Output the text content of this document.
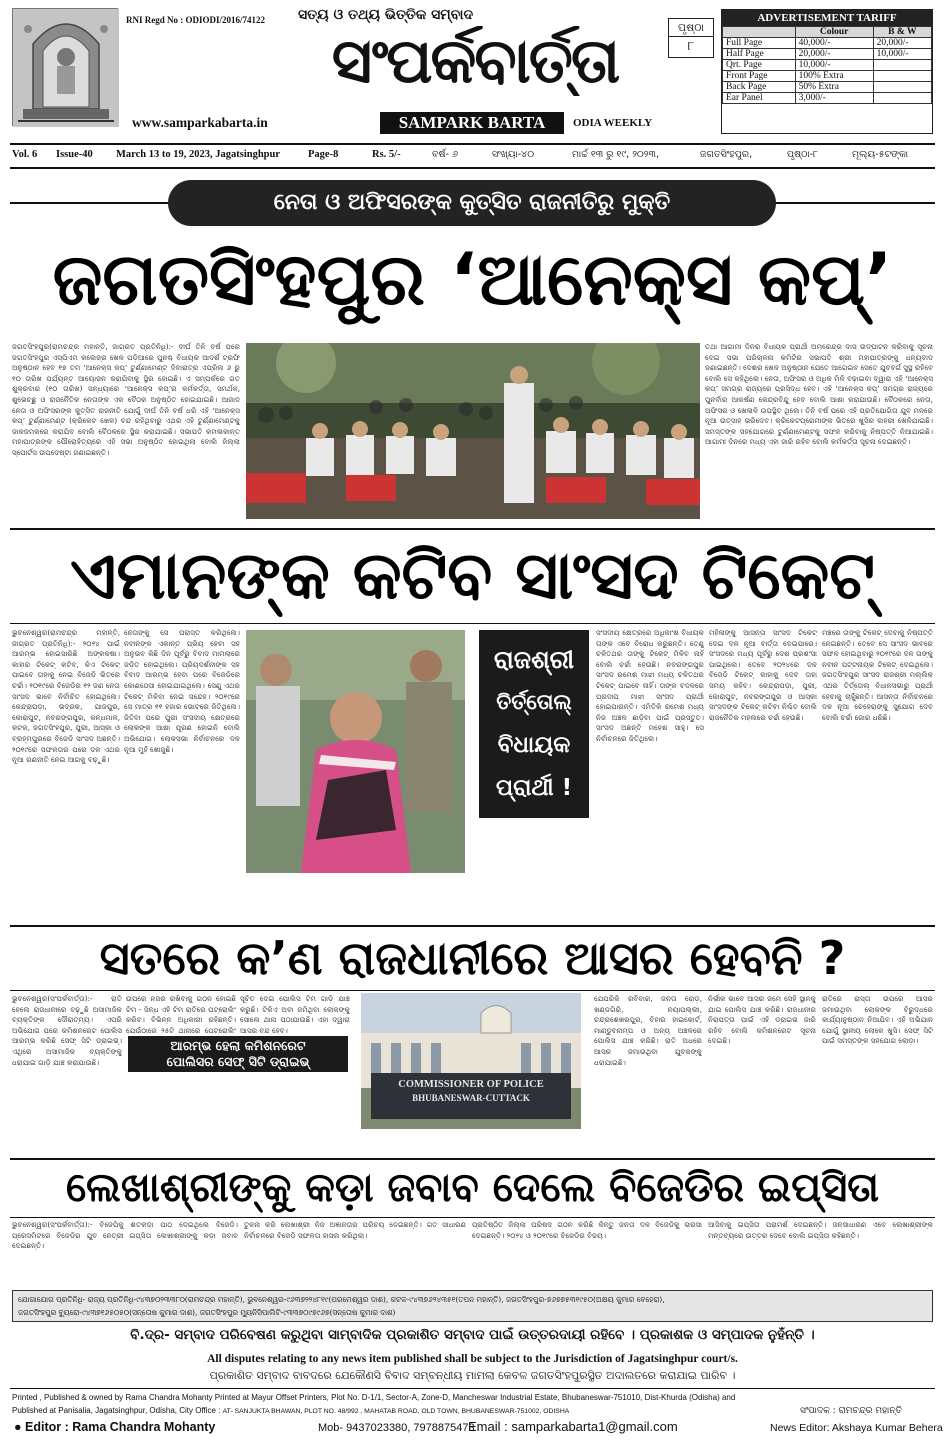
RNI Regd No : ODIODI/2016/74122 ସତ୍ୟ ଓ ତଥ୍ୟ ଭିତ୍ତିକ ସମ୍ବାଦ
ସଂପର୍କବାର୍ତ୍ତା
www.samparkabarta.in	SAMPARK BARTA	ODIA WEEKLY
ପୃଷ୍ଠା
୮
ADVERTISEMENT TARIFF
	Colour	B & W
Full Page	40,000/-	20,000/-
Half Page	20,000/-	10,000/-
Qrt. Page	10,000/-	
Front Page	100% Extra	
Back Page	50% Extra	
Ear Panel	3,000/-	
Vol. 6 Issue-40 March 13 to 19, 2023, Jagatsinghpur	Page-8	Rs. 5/-	ବର୍ଷ- ୬	ସଂଖ୍ୟା-୪୦	ମାର୍ଚ୍ଚ ୧୩ ରୁ ୧୯, ୨୦୨୩,	ଜଗତସିଂହପୁର,	ପୃଷ୍ଠା-୮	ମୂଲ୍ୟ-୫ଟଙ୍କା
ନେତା ଓ ଅଫିସରଙ୍କ କୁତ୍ସିତ ରାଜନୀତିରୁ ମୁକ୍ତି
ଜଗତସିଂହପୁର ‘ଆନେକ୍ସ କପ୍’
ଜଗତସିଂହପୁର(ରାମଚନ୍ଦ୍ର ମହାନ୍ତି, ଜାଗ୍ରତ ପ୍ରତିନିଧି):- ଦୀର୍ଘ ତିନି ବର୍ଷ ପରେ ଜଗତସିଂହପୁର ଏସ୍‌ପିଏମ କଲେଜ୍‌ର ଖେଳ ପଡ଼ିଆରେ ପୁନଶ୍ଚ ବିଧାୟକ ଆଦର୍ଶ ଟ୍ରଫି ଅନୁଷ୍ଠାନ ହେବ ୧୭ ତମ ‘ଆନେକ୍ସ କପ୍’ ଟୁର୍ଣ୍ଣାମେଣ୍ଟ ଦିବାରାତ୍ର ଏପ୍ରିଲ ୬ ରୁ ୧୦ ତାରିଖ ପର୍ଯ୍ୟନ୍ତ ଆୟୋଜନ କରାଯିବାକୁ ସ୍ଥିର ହୋଇଛି। ଏ ସମ୍ପର୍କରେ ଗତ ଶୁକ୍ରବାର (୧୦ ତାରିଖ) ସନ୍ଧ୍ୟାରେ ‘ଆନେକ୍ସ କପ୍’ର କର୍ମକର୍ତ୍ତା, ସମର୍ଥକ, ଶୁଭେଚ୍ଛୁ ଓ ରାଜନୈତିକ ନେତାଙ୍କ ଏକ ବୈଠକ ଅନୁଷ୍ଠିତ ହୋଇଯାଇଛି। ଆଜାଦ ନେତା ଓ ଅଫିସରଙ୍କ କୁତ୍ସିତ ରାଜନୀତି ଯୋଗୁଁ ଦୀର୍ଘ ତିନି ବର୍ଷ ଧରି ଏହି ‘ଆନେକ୍ସ କପ୍’ ଟୁର୍ଣ୍ଣାମେଣ୍ଟ (କ୍ରିକେଟ ଖେଳ) ବନ୍ଦ ରହିଥିବାରୁ ଏଥର ଏହି ଟୁର୍ଣ୍ଣାମେଣ୍ଟକୁ ଜାକଜମକରେ କରାଯିବ ବୋଲି ବୈଠକରେ ସ୍ଥିର କରାଯାଇଛି। ସଭାପତି କମଳାକାନ୍ତ ମହାପାତ୍ରଙ୍କ ପୌରୋହିତ୍ୟରେ ଏହି ସଭା ଅନୁଷ୍ଠିତ ହୋଇଥିଲା ବୋଲି ଜିଲ୍ଲା ସ୍ପୋର୍ଟସ ଉପଦେଷ୍ଟା ଜଣାଇଛନ୍ତି।
ତଥା ଆଗାମୀ ଦିନର ବିଧାୟକ ପ୍ରାର୍ଥୀ ଅମରେନ୍ଦ୍ର ଦାସ ଉଦ୍‌ଘାଟନ କରିବାକୁ ସୂଚନା ଦେଇ ସଭା ପରିଚାଳନା କମିଟିର ସଭାପତି ଶ୍ରୀ ମହାପାତ୍ରଙ୍କୁ ଧନ୍ୟବାଦ ଜଣାଇଛନ୍ତି। ଦେଶର ଖେଳ ଅନୁଷ୍ଠାନ ଯେତେ ଆଗେଇବ ସେତେ ଯୁବବର୍ଗ ସୁସ୍ଥ ରହିବେ ବୋଲି ସେ କହିଥିଲେ। ନେତା, ଅଫିସର ଓ ଅଧିକ ମିଳି ବଢ଼ାଇବା ଦ୍ୱାରା ଏହି ‘ଆନେକ୍ସ କପ୍’ ସମଗ୍ର ରାଜ୍ୟରେ ପ୍ରସିଦ୍ଧ ହେବ। ଏହି ‘ଆନେକ୍ସ କପ୍’ ସମଗ୍ର ରାଜ୍ୟରେ ପୁନର୍ବାର ଆକର୍ଷଣ କେନ୍ଦ୍ରବିନ୍ଦୁ ହେବ ବୋଲି ଆଶା କରାଯାଉଛି। ବୈଠକରେ ନେତା, ଅଫିସର ଓ ଖେଳାଳି ଉପସ୍ଥିତ ଥିଲେ। ତିନି ବର୍ଷ ପରେ ଏହି ପ୍ରତିଯୋଗିତା ଯୁବ ମନରେ ନୂଆ ଉତ୍ସାହ ଭରିଦେବ। କ୍ରିକେଟପ୍ରେମୀଙ୍କ ଭିତରେ ଖୁସିର ଲହରୀ ଖେଳିଯାଇଛି। ସମସ୍ତଙ୍କ ସହଯୋଗରେ ଟୁର୍ଣ୍ଣାମେଣ୍ଟକୁ ସଫଳ କରିବାକୁ ନିଷ୍ପତ୍ତି ନିଆଯାଇଛି। ଆଗାମୀ ଦିନରେ ମଧ୍ୟ ଏହା ଜାରି ରହିବ ବୋଲି କର୍ମକର୍ତ୍ତା ସୂଚନା ଦେଇଛନ୍ତି।
ଏମାନଙ୍କ କଟିବ ସାଂସଦ ଟିକେଟ୍
ଭୁବନେଶ୍ୱର(ରାମଚନ୍ଦ୍ର ମହାନ୍ତି, ଜାଗ୍ରତ ପ୍ରତିନିଧି):- ୨୦୨୪ ପାଇଁ ଆରମ୍ଭ ହୋଇସାରିଛି ଅଙ୍କକଷା। କାହାର ଟିକେଟ୍ କଟିବ, କିଏ ଟିକେଟ୍ ପାଇବେ ତାହାକୁ ନେଇ ବିଜେଡି ଭିତରେ ଚର୍ଚ୍ଚା। ୨୦୧୯ରେ ବିଜେଡିର ୧୨ ଜଣ ନେତା ସାଂସଦ ଭାବେ ନିର୍ବାଚିତ ହୋଇଥିଲେ। କେନ୍ଦ୍ରାପଡ଼ା, ଭଦ୍ରକ, ଯାଜପୁର, କୋରାପୁଟ, ନବରଙ୍ଗପୁର, କନ୍ଧମାଳ, କଟକ, ଜଗତସିଂହପୁର, ପୁରୀ, ଆସ୍କା ଓ ବ୍ରହ୍ମପୁରରେ ବିଜେଡି ସାଂସଦ ଅଛନ୍ତି। ୨୦୧୯ରେ ସଫଳତାର ପରେ ଦଳ ଏଥର ନୂଆ ରଣନୀତି ନେଇ ଆଗକୁ ବଢ଼ୁଛି।
ନେତାଙ୍କୁ ସେ ପରାସ୍ତ କରିଥିଲେ। ନବୀନଙ୍କ ଏକାନ୍ତ ପ୍ରିୟ ହେବା ସହ ଅନୁଭବ କିଛି ଦିନ ପୂର୍ବରୁ ବିବାଦ ମାମଲାରେ ଜଡ଼ିତ ହୋଇଥିଲେ। ପ୍ରିୟଦର୍ଶନୀଙ୍କ ସହ ବିବାଦ ଆରମ୍ଭ ହେବା ପରେ ବିଜେଡିରେ କୋଣଠେସା ହୋଇଯାଇଥିଲେ। ସେଣୁ ଏଥର ଟିକେଟ୍ ମିଳିବା ନେଇ ସନ୍ଦେହ। ୨୦୧୯ରେ ସେ ମାତ୍ର ୧୧ ହଜାର ଭୋଟରେ ଜିତିଥିଲେ। ଜିତିବା ପରେ ପୁରୀ ସଂସଦୀୟ କ୍ଷେତ୍ରରେ ଲୋକଙ୍କ ଆଶା ପୂରଣ ହୋଇନି ବୋଲି ଅଭିଯୋଗ। ଲୋକସଭା ନିର୍ବାଚନରେ ଦଳ ନୂଆ ମୁହଁ ଖୋଜୁଛି।
ରାଜଶ୍ରୀ
ତିର୍ତ୍ତୋଲ୍
ବିଧାୟକ
ପ୍ରାର୍ଥୀ !
ସଂସଦୀୟ କ୍ଷେତ୍ରରେ ଅଧିକାଂଶ ବିଧାୟକ ତାଙ୍କ ଏବେ ବିରୋଧ କରୁଛନ୍ତି। ତେଣୁ ଚଳିତଥର ତାଙ୍କୁ ଟିକେଟ୍ ମିଳିବ ନାହିଁ ବୋଲି ଚର୍ଚ୍ଚା ହେଉଛି। ନବରଙ୍ଗପୁର ସାଂସଦ ରମେଶ ମାଝୀ ମଧ୍ୟ ଚଳିତଥର ଟିକେଟ୍ ପାଇବେ ନାହିଁ। ତାଙ୍କ ବଦଳରେ ପ୍ରଦୀପ ମାଝୀ ସାଂସଦ ପ୍ରାର୍ଥୀ ହୋଇପାରନ୍ତି। ଏମିତିକି ରମେଶ ମଧ୍ୟ ନିଜ ଅଞ୍ଚଳ ଛାଡ଼ିବା ପାଇଁ ପ୍ରସ୍ତୁତ। ସାଂସଦ ଅଛନ୍ତି ମହେଶ ସାହୁ। ସେ ନିର୍ବାଚନରେ ଜିତିଥିଲେ।
ମହିଳାଙ୍କୁ ଆସନ୍ତା ସାଂସଦ ଟିକେଟ୍ ଦେଇ ଦଳ ନୂଆ ବାର୍ତ୍ତା ଦେଇପାରେ। ସଂସଦରେ ମଧ୍ୟ ପୂର୍ବରୁ ଦେଶ ପ୍ରଶଂସା ପାଇଥିଲେ। ତେବେ ୨୦୨୪ରେ ଦଳ ବିଜେଡି ଟିକେଟ୍ କାହାକୁ ଦେବ ତାହା ସମୟ କହିବ। କେନ୍ଦ୍ରାପଡ଼ା, ପୁରୀ, କୋରାପୁଟ, ନବରଙ୍ଗପୁର ଓ ଆସ୍କା ସାଂସଦଙ୍କ ଟିକେଟ୍ କଟିବା ନିଶ୍ଚିତ ବୋଲି ରାଜନୈତିକ ମହଲରେ ଚର୍ଚ୍ଚା ହେଉଛି।
ମଞ୍ଚରେ ତାଙ୍କୁ ଟିକେଟ୍ ଦେବାକୁ ନିଷ୍ପତ୍ତି ନେଇଛନ୍ତି। ତେବେ ସେ ସାଂସଦ ଭାବରେ ସଫଳ ହୋଇଥିବାରୁ ୨୦୧୯ରେ ଦଳ ତାଙ୍କୁ ନବୀନ ପଟ୍ଟନାୟକ ଟିକେଟ୍ ଦେଇଥିଲେ। ଜଗତସିଂହପୁର ସାଂସଦ ରାଜଶ୍ରୀ ମଲ୍ଲିକ ଏଥର ତିର୍ତ୍ତୋଲ୍ ବିଧାନସଭାରୁ ପ୍ରାର୍ଥୀ ହେବାକୁ ଚାହୁଁଛନ୍ତି। ଆସନ୍ତା ନିର୍ବାଚନରେ ଦଳ ନୂଆ ଚେହେରାଙ୍କୁ ସୁଯୋଗ ଦେବ ବୋଲି ଚର୍ଚ୍ଚା ଜୋର ଧରିଛି।
ସତରେ କ’ଣ ରାଜଧାନୀରେ ଆସର ହେବନି ?
ଭୁବନେଶ୍ୱର(ସଂପର୍କବାର୍ତ୍ତା):- ରାତି ହେଲେ ରାଜଧାନୀରେ ବଢ଼ୁଛି ଅସାମାଜିକ ବ୍ୟକ୍ତିଙ୍କ ଦୌରାତ୍ମ୍ୟ। ଏପରି ଅଭିଯୋଗ ପରେ କମିଶନରେଟ ପୋଲିସ ଆରମ୍ଭ କରିଛି ସେଫ୍ ସିଟି ଡ୍ରାଇଭ୍। ଏଥିରେ ଅସାମାଜିକ ବ୍ୟକ୍ତିଙ୍କୁ ଧରାଯାଇ ଗାଡ଼ି ଯାଞ୍ଚ କରାଯାଉଛି।
ଉପରେ ନଜର ରଖିବାକୁ ଗଠନ ହୋଇଛି ଟିମ - ସିନ୍ଧ ଏହି ଟିମ ରାତିରେ ପଟ୍ରୋଲିଂ କରିବ। ବିଭିନ୍ନ ଅଧିକାରୀ ରହିଛନ୍ତି। ଯେଉଁଠାରେ ୨୫ଟି ଥାନାରେ ପେଟ୍ରୋଲିଂ
ସୂଚିତ ଦେଇ ପୋଲିସ ଟିମ ଗାଡ଼ି ଯାଞ୍ଚ କରୁଛି। ଟିକିଏ ଅବା ଜମିଥିବା ଲୋକଙ୍କୁ ସୋଲେ ଥାନା ପଠାଯାଉଛି। ଏହା ଦ୍ୱାରା ଆସର ବନ୍ଦ ହେବ।
ଆରମ୍ଭ ହେଲା କମିଶନରେଟ
ପୋଲିସର ସେଫ୍ ସିଟି ଡ୍ରାଇଭ୍
COMMISSIONER OF POLICE
BHUBANESWAR-CUTTACK
ଯେପରିକି ରବିବାର, ଜନତା ରୋଡ଼, ଖଣ୍ଡଗିରି, ନୟାପଲ୍ଲୀ, ଚନ୍ଦ୍ରଶେଖରପୁର, ବିହାର ହାଇକୋର୍ଟ, ମାଣ୍ଡୁବନାମ୍ପ ଓ ଅନ୍ୟ ଅଞ୍ଚଳରେ ପୋଲିସ ଯାଞ୍ଚ କରିଛି। ରାତି ଅଧରେ ଆସର ଜମାଉଥିବା ଯୁବକଙ୍କୁ ଧରାଯାଇଛି।
ନିର୍ଭୀକ ଭାବେ ଆସର ଜମେ ସେହି ସ୍ଥାନକୁ ଯାଇ ପୋଲିସ ଯାଞ୍ଚ କରିଛି। ରାଜଧାନୀର ନିରାପତ୍ତା ପାଇଁ ଏହି ଡ୍ରାଇଭ ଜାରି ରହିବ ବୋଲି କମିଶନରେଟ ସୂଚନା ଦେଇଛି।
ରାତିରେ ରାସ୍ତା ଉପରେ ଆସର ଜମାଉଥିବା ଲୋକଙ୍କ ବିରୁଦ୍ଧରେ କାର୍ଯ୍ୟାନୁଷ୍ଠାନ ନିଆଯିବ। ଏହି ଅଭିଯାନ ଯୋଗୁଁ ସ୍ଥାନୀୟ ଲୋକେ ଖୁସି। ସେଫ୍ ସିଟି ପାଇଁ ସମସ୍ତଙ୍କ ସହଯୋଗ ଲୋଡ଼ା।
ଲେଖାଶ୍ରୀଙ୍କୁ କଡ଼ା ଜବାବ ଦେଲେ ବିଜେଡିର ଇପ୍‌ସିତା
ଭୁବନେଶ୍ୱର(ସଂପର୍କବାର୍ତ୍ତା):- ବିଜେପିକୁ ଶତକଡ଼ା ପାଠ ଦେଇଥିଲେ ବିଜେଡି। ପ୍ରେସମିଟରେ ବିଜେଡିର ଯୁବ ନେତ୍ରୀ ଇପ୍‌ସିତା ଲେଖାଶ୍ରୀଙ୍କୁ କଡ଼ା ଜବାବ ଦେଇଛନ୍ତି।
ତୁଳନା କରି ଲେଖାଶ୍ରୀ ନିଜ ଅଜ୍ଞାନତାର ପରିଚୟ ଦେଇଛନ୍ତି। ଗତ ସାଧାରଣ ନିର୍ବାଚନରେ ବିଜେଡି ସଫଳତା ହାସଲ କରିଥିଲା।
ପ୍ରତିଷ୍ଠିତ ଜିଲ୍ଲା ପରିଷଦ ଗଠନ କରିଛି କିନ୍ତୁ ଜନତା ଦଳ ବିଜେଡିକୁ ଭରସା ଦେଇଛନ୍ତି। ୨୦୨୪ ଓ ୨୦୧୯ରେ ବିଜେଡିର ବିଜୟ।
ଆସିବାକୁ ଇପ୍‌ସିତା ପରାମର୍ଶ ଦେଇଛନ୍ତି। ଜନସାଧାରଣ ଏବେ ଲେଖାଶ୍ରୀଙ୍କ ମନ୍ତବ୍ୟରେ ଉତ୍ତର ଦେବେ ବୋଲି ଇପ୍‌ସିତା କହିଛନ୍ତି।
ଯୋଗାଯୋଗ ପ୍ରତିନିଧି- ରାଜ୍ୟ ପ୍ରତିନିଧି-୯୪୩୭୦୨୩୩୮୦(ରାମଚନ୍ଦ୍ର ମହାନ୍ତି), ଭୁବନେଶ୍ୱର-୯୬୩୭୨୨୪୮୧୯(ପରମେଶ୍ୱର ଦାଶ), କଟକ-୯୪୩୭୬୨୪୩୫୧(ତପନ ମହାନ୍ତି), ଜଗତସିଂହପୁର-୭୬୭୭୫୩୧୯୫୦(ଅକ୍ଷୟ କୁମାର ବେହେରା),
ଜଗତସିଂହପୁର ବ୍ୟୁରୋ-୯୪୩୭୧୬୫୦୫୦(ସନ୍ତୋଷ କୁମାର ଦାଶ), ଜଗତସିଂହପୁର ମ୍ୟୁନିସିପାଲିଟି-୯୩୩୭୦୯୭୯୬୭(ସନ୍ତୋଷ କୁମାର ଦାଶ)
ବି.ଦ୍ର- ସମ୍ବାଦ ପରିବେଷଣ କରୁଥିବା ସାମ୍ବାଦିକ ପ୍ରକାଶିତ ସମ୍ବାଦ ପାଇଁ ଉତ୍ତରଦାୟୀ ରହିବେ । ପ୍ରକାଶକ ଓ ସମ୍ପାଦକ ନୁହଁନ୍ତି ।
All disputes relating to any news item published shall be subject to the Jurisdiction of Jagatsinghpur court/s.
ପ୍ରକାଶିତ ସମ୍ବାଦ ବାବଦରେ ଯେକୌଣସି ବିବାଦ ସମ୍ବନ୍ଧୀୟ ମାମଲା କେବଳ ଜଗତସିଂହପୁରସ୍ଥିତ ଅଦାଲତରେ କରାଯାଇ ପାରିବ ।
Printed , Published & owned by Rama Chandra Mohanty Printed at Mayur Offset Printers, Plot No. D-1/1, Sector-A, Zone-D, Mancheswar Industrial Estate, Bhubaneswar-751010, Dist-Khurda (Odisha) and
Published at Panisalia, Jagatsinghpur, Odisha, City Office : AT- SANJUKTA BHAWAN, PLOT NO. 48/992 , MAHATAB ROAD, OLD TOWN, BHUBANESWAR-751002, ODISHA	ସଂପାଦକ : ରାମଚନ୍ଦ୍ର ମହାନ୍ତି
● Editor : Rama Chandra Mohanty	Mob- 9437023380, 7978875473
Email : samparkabarta1@gmail.com	News Editor: Akshaya Kumar Behera
